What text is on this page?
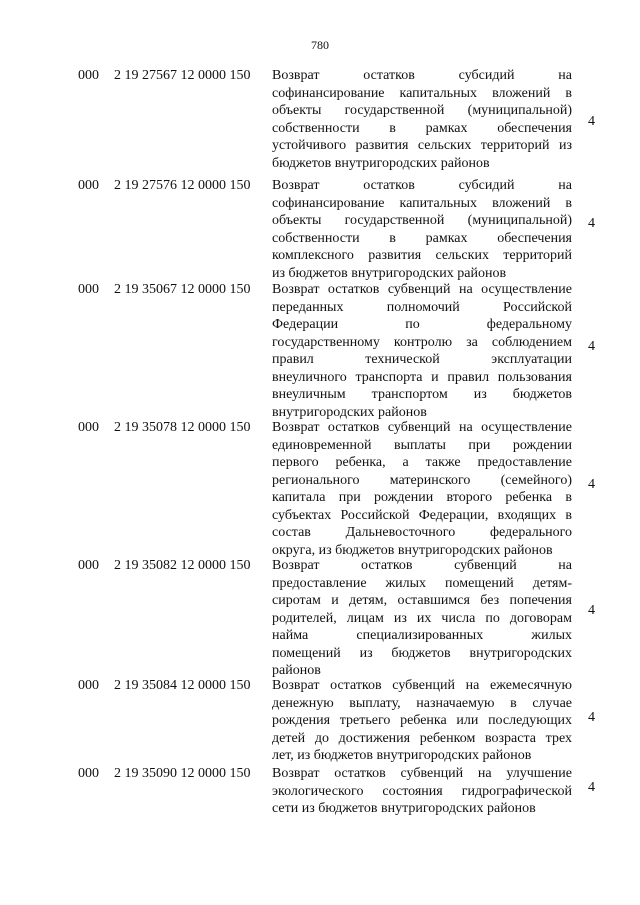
780
000 2 19 27567 12 0000 150 Возврат остатков субсидий на
софинансирование капитальных вложений в
объекты государственной (муниципальной)
собственности в рамках обеспечения
устойчивого развития сельских территорий из
бюджетов внутригородских районов
4
000 2 19 27576 12 0000 150 Возврат остатков субсидий на
софинансирование капитальных вложений в
объекты государственной (муниципальной)
собственности в рамках обеспечения
комплексного развития сельских территорий
из бюджетов внутригородских районов
4
000 2 19 35067 12 0000 150 Возврат остатков субвенций на осуществление
переданных полномочий Российской
Федерации по федеральному
государственному контролю за соблюдением
правил технической эксплуатации
внеуличного транспорта и правил пользования
внеуличным транспортом из бюджетов
внутригородских районов
4
000 2 19 35078 12 0000 150 Возврат остатков субвенций на осуществление
единовременной выплаты при рождении
первого ребенка, а также предоставление
регионального материнского (семейного)
капитала при рождении второго ребенка в
субъектах Российской Федерации, входящих в
состав Дальневосточного федерального
округа, из бюджетов внутригородских районов
4
000 2 19 35082 12 0000 150 Возврат остатков субвенций на
предоставление жилых помещений детям-
сиротам и детям, оставшимся без попечения
родителей, лицам из их числа по договорам
найма специализированных жилых
помещений из бюджетов внутригородских
районов
4
000 2 19 35084 12 0000 150 Возврат остатков субвенций на ежемесячную
денежную выплату, назначаемую в случае
рождения третьего ребенка или последующих
детей до достижения ребенком возраста трех
лет, из бюджетов внутригородских районов
4
000 2 19 35090 12 0000 150 Возврат остатков субвенций на улучшение
экологического состояния гидрографической
сети из бюджетов внутригородских районов
4
